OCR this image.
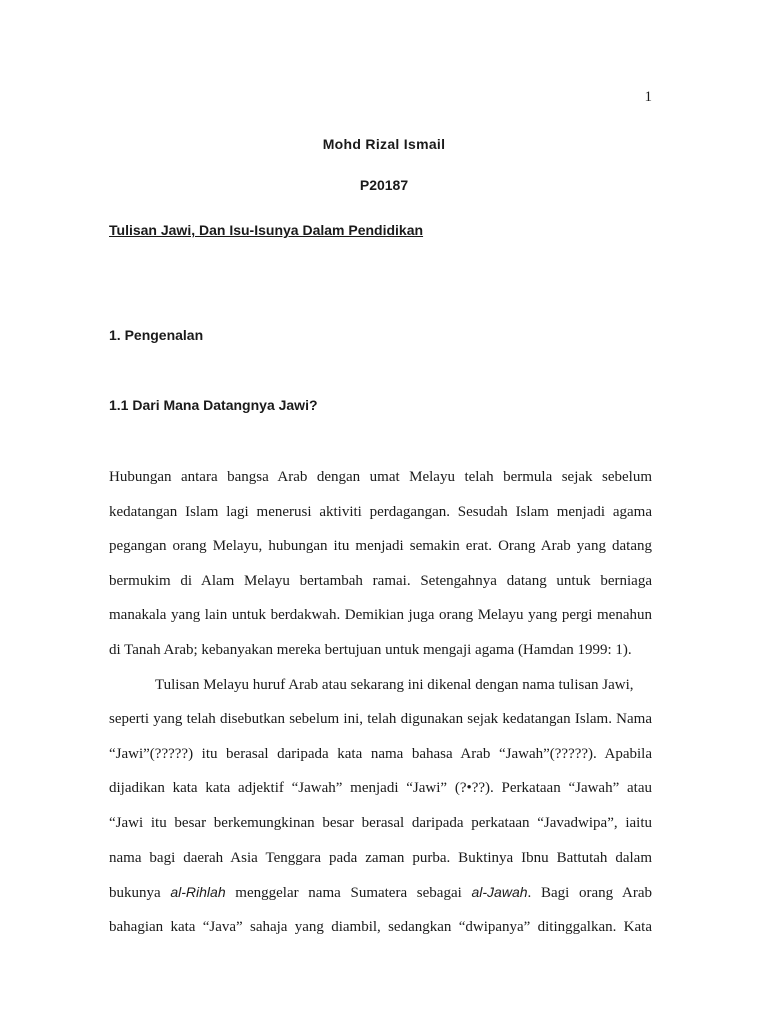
1
Mohd Rizal Ismail
P20187
Tulisan Jawi, Dan Isu-Isunya Dalam Pendidikan
1. Pengenalan
1.1 Dari Mana Datangnya Jawi?
Hubungan antara bangsa Arab dengan umat Melayu telah bermula sejak sebelum
kedatangan Islam lagi menerusi aktiviti perdagangan. Sesudah Islam menjadi agama
pegangan orang Melayu, hubungan itu menjadi semakin erat. Orang Arab yang datang
bermukim di Alam Melayu bertambah ramai. Setengahnya datang untuk berniaga
manakala yang lain untuk berdakwah. Demikian juga orang Melayu yang pergi menahun
di Tanah Arab; kebanyakan mereka bertujuan untuk mengaji agama (Hamdan 1999: 1).
Tulisan Melayu huruf Arab atau sekarang ini dikenal dengan nama tulisan Jawi,
seperti yang telah disebutkan sebelum ini, telah digunakan sejak kedatangan Islam. Nama
“Jawi”(?????) itu berasal daripada kata nama bahasa Arab “Jawah”(?????). Apabila
dijadikan kata kata adjektif “Jawah” menjadi “Jawi” (?•??). Perkataan “Jawah” atau
“Jawi itu besar berkemungkinan besar berasal daripada perkataan “Javadwipa”, iaitu
nama bagi daerah Asia Tenggara pada zaman purba. Buktinya Ibnu Battutah dalam
bukunya al-Rihlah menggelar nama Sumatera sebagai al-Jawah. Bagi orang Arab
bahagian kata “Java” sahaja yang diambil, sedangkan “dwipanya” ditinggalkan. Kata
